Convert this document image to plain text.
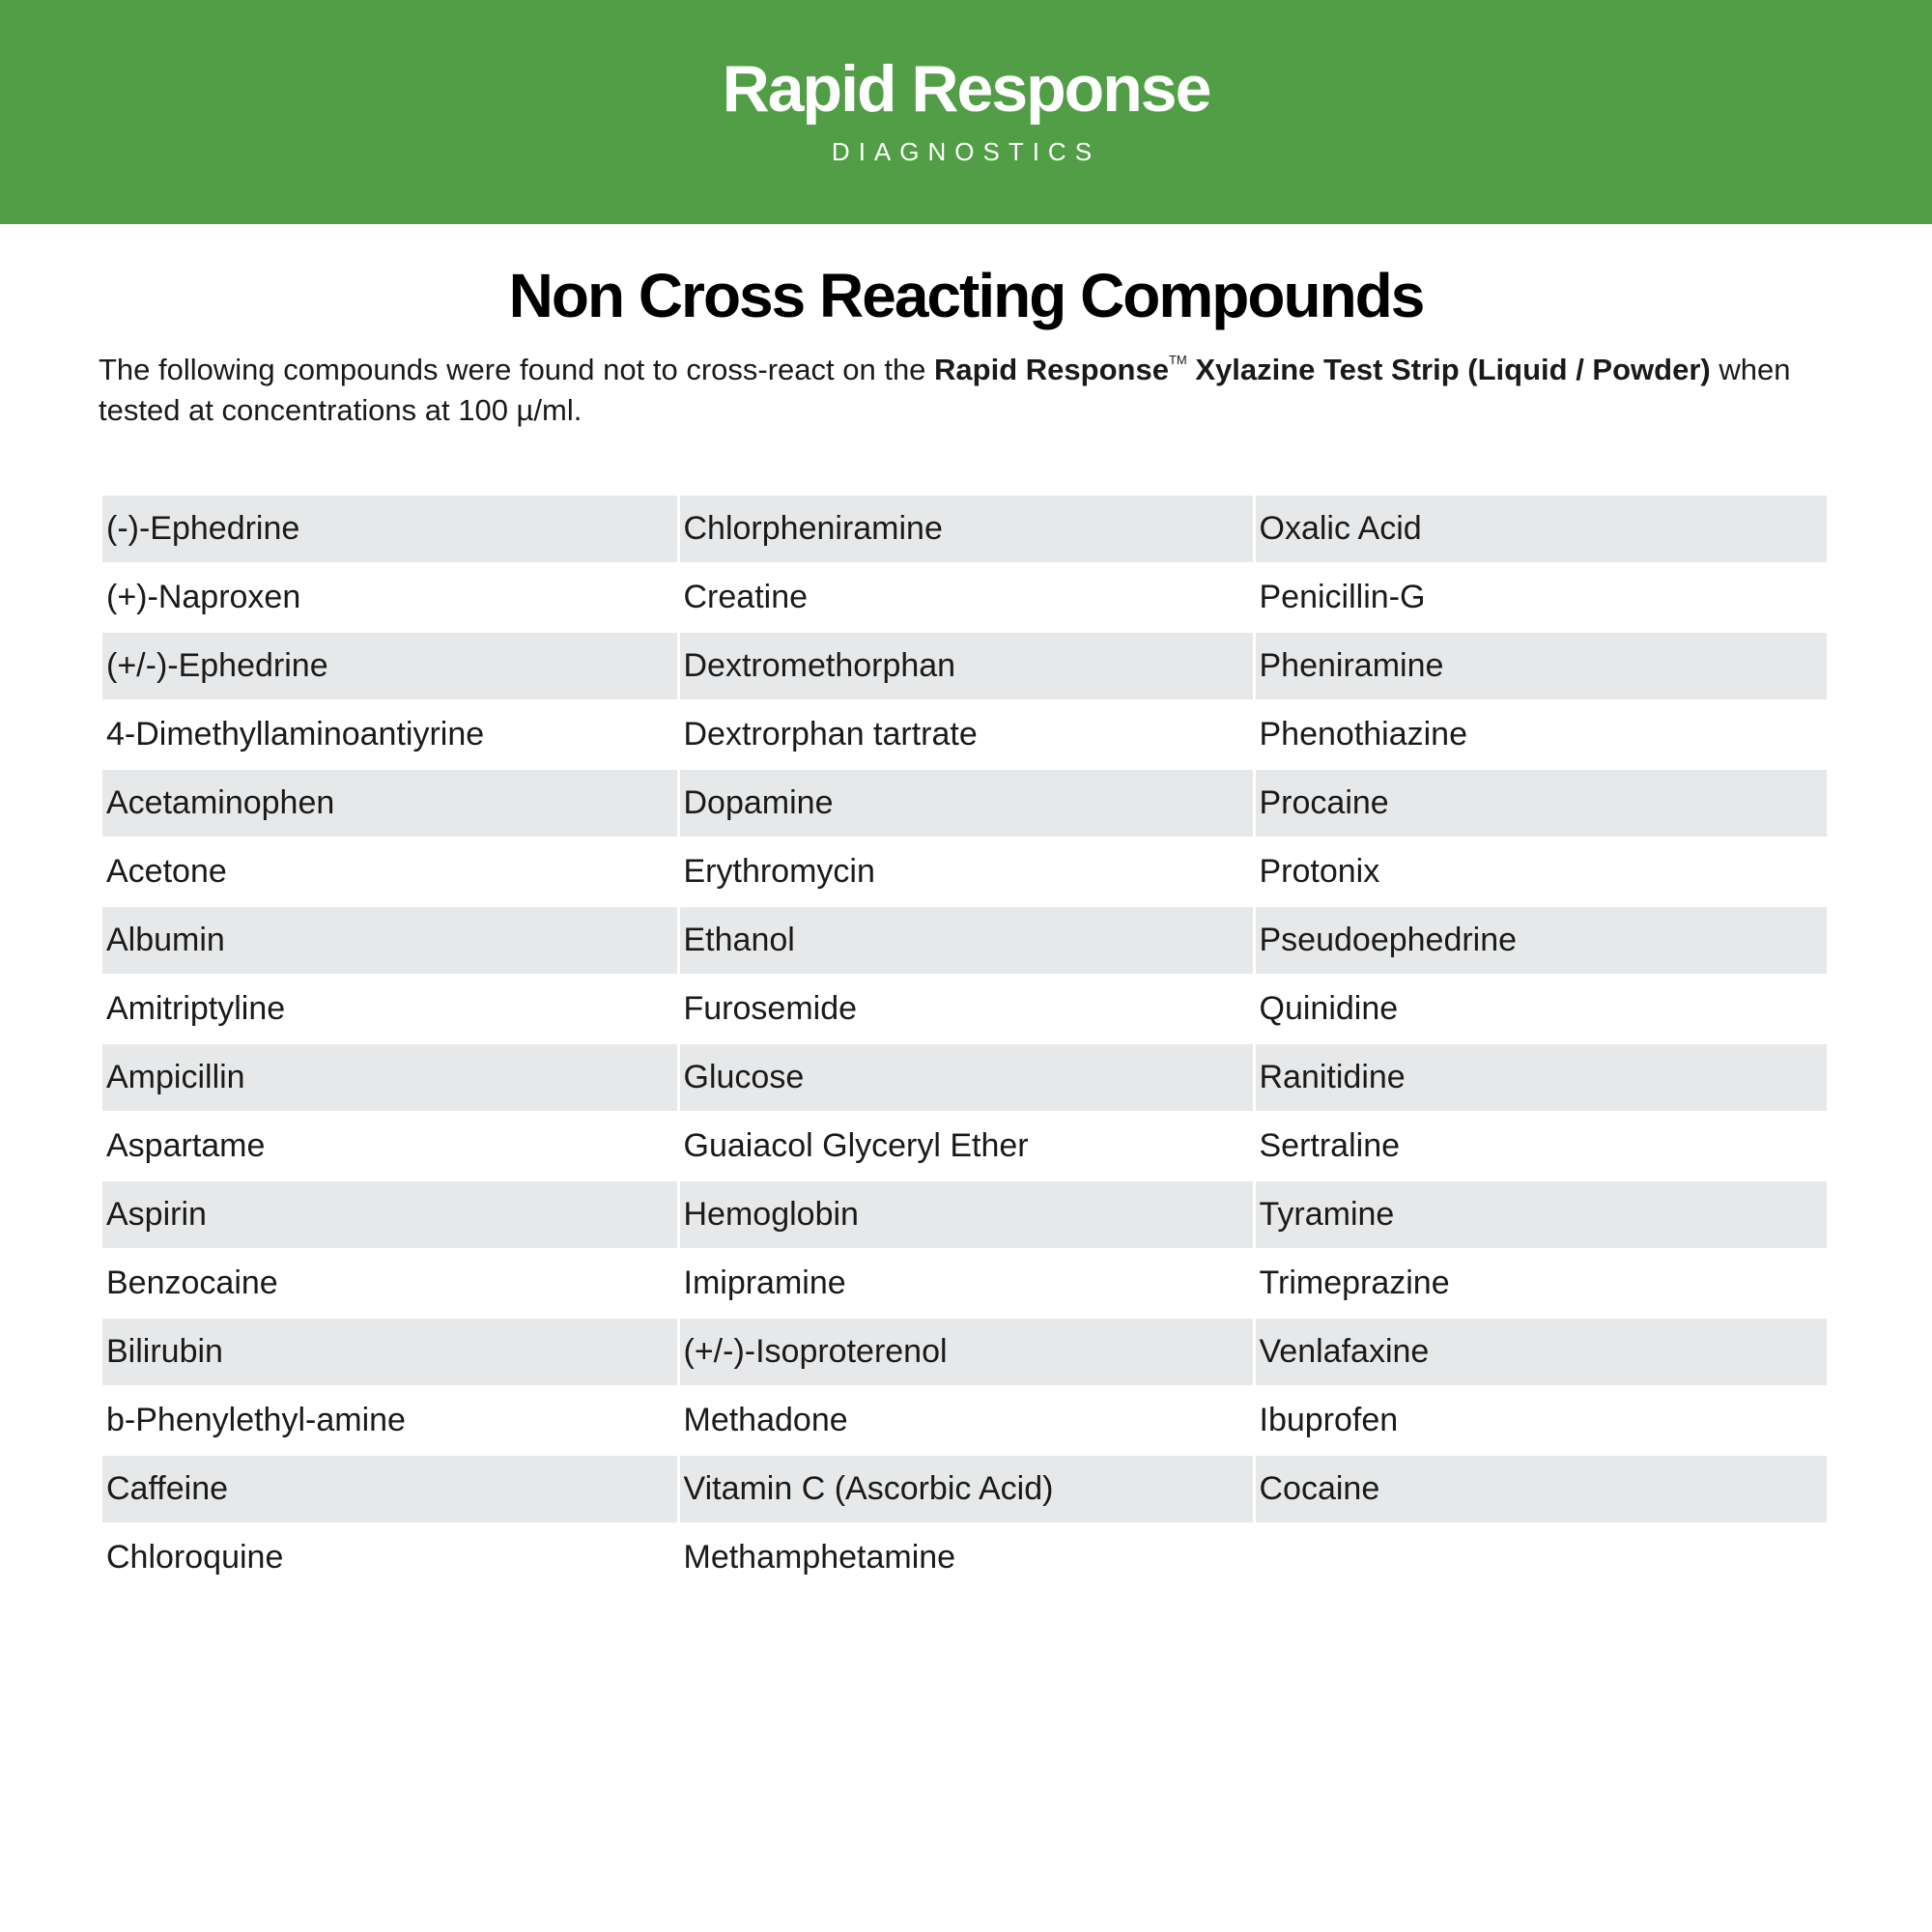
Rapid Response
DIAGNOSTICS
Non Cross Reacting Compounds
The following compounds were found not to cross-react on the Rapid Response™ Xylazine Test Strip (Liquid / Powder) when tested at concentrations at 100 µ/ml.
(-)-Ephedrine	Chlorpheniramine	Oxalic Acid
(+)-Naproxen	Creatine	Penicillin-G
(+/-)-Ephedrine	Dextromethorphan	Pheniramine
4-Dimethyllaminoantiyrine	Dextrorphan tartrate	Phenothiazine
Acetaminophen	Dopamine	Procaine
Acetone	Erythromycin	Protonix
Albumin	Ethanol	Pseudoephedrine
Amitriptyline	Furosemide	Quinidine
Ampicillin	Glucose	Ranitidine
Aspartame	Guaiacol Glyceryl Ether	Sertraline
Aspirin	Hemoglobin	Tyramine
Benzocaine	Imipramine	Trimeprazine
Bilirubin	(+/-)-Isoproterenol	Venlafaxine
b-Phenylethyl-amine	Methadone	Ibuprofen
Caffeine	Vitamin C (Ascorbic Acid)	Cocaine
Chloroquine	Methamphetamine	
